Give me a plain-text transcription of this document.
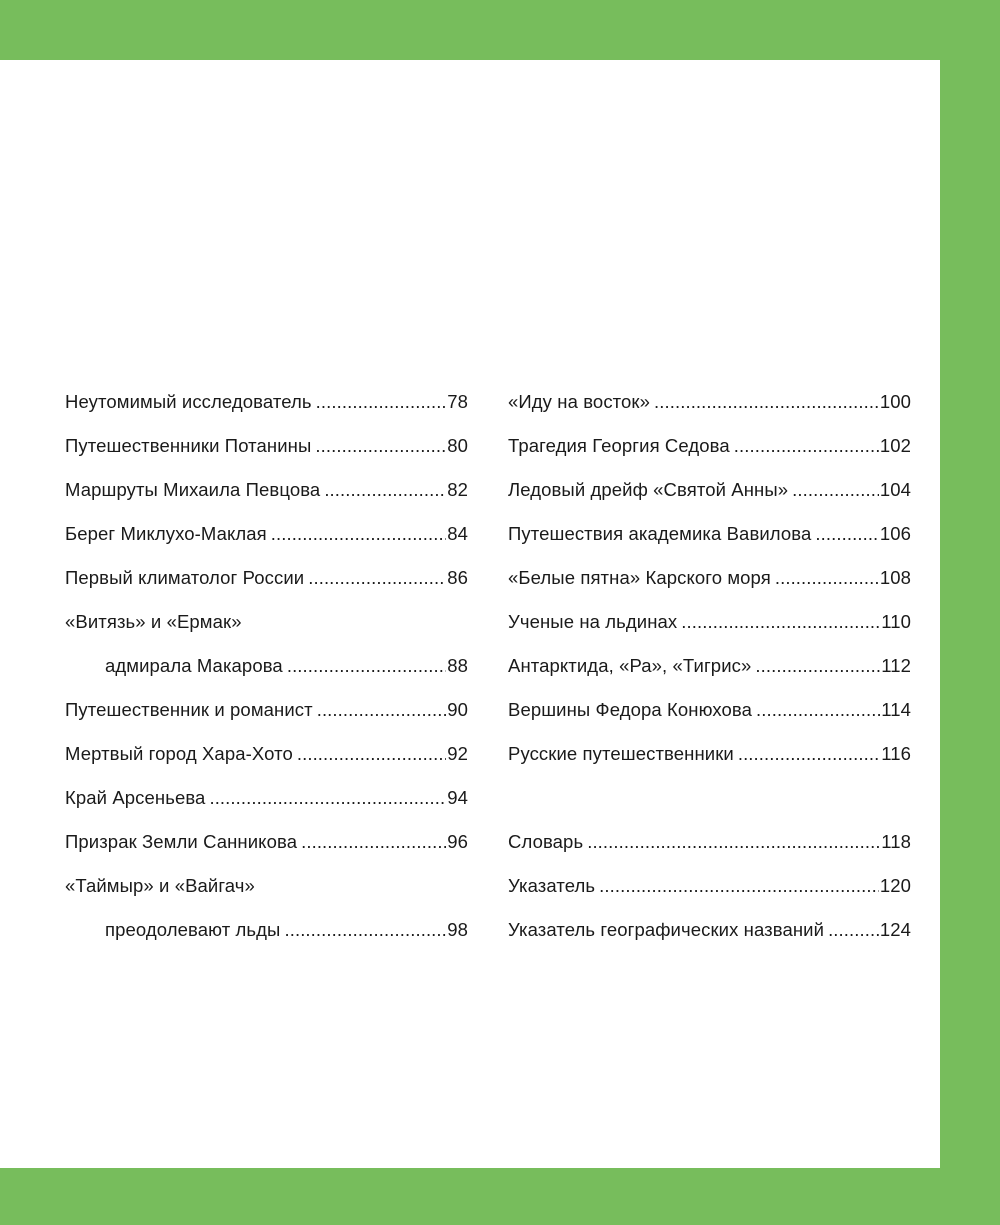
Неутомимый исследователь .....	78
Путешественники Потанины .....	80
Маршруты Михаила Певцова .....	82
Берег Миклухо-Маклая .....	84
Первый климатолог России .....	86
«Витязь» и «Ермак»
адмирала Макарова .....	88
Путешественник и романист .....	90
Мертвый город Хара-Хото .....	92
Край Арсеньева .....	94
Призрак Земли Санникова .....	96
«Таймыр» и «Вайгач»
преодолевают льды .....	98
«Иду на восток» .....	100
Трагедия Георгия Седова .....	102
Ледовый дрейф «Святой Анны» .....	104
Путешествия академика Вавилова .....	106
«Белые пятна» Карского моря .....	108
Ученые на льдинах .....	110
Антарктида, «Ра», «Тигрис» .....	112
Вершины Федора Конюхова .....	114
Русские путешественники .....	116
Словарь .....	118
Указатель .....	120
Указатель географических названий .....	124
